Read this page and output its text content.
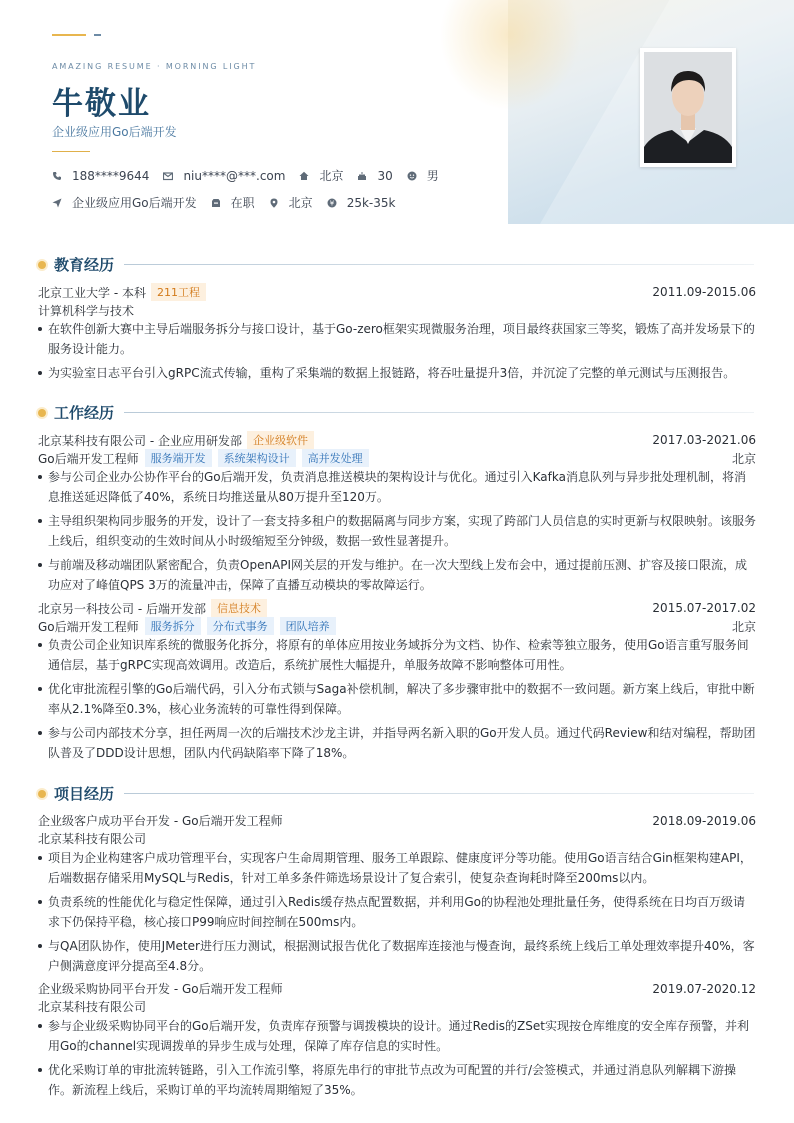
AMAZING RESUME · MORNING LIGHT
牛敬业
企业级应用Go后端开发
188****9644	niu****@***.com	北京	30	男
企业级应用Go后端开发	在职	北京 ¥ 25k-35k
教育经历
北京工业大学 - 本科	211工程	2011.09-2015.06
计算机科学与技术
在软件创新大赛中主导后端服务拆分与接口设计，基于Go-zero框架实现微服务治理，项目最终获国家三等奖，锻炼了高并发场景下的服务设计能力。
为实验室日志平台引入gRPC流式传输，重构了采集端的数据上报链路，将吞吐量提升3倍，并沉淀了完整的单元测试与压测报告。
工作经历
北京某科技有限公司 - 企业应用研发部	企业级软件	2017.03-2021.06
Go后端开发工程师	服务端开发	系统架构设计	高并发处理	北京
参与公司企业办公协作平台的Go后端开发，负责消息推送模块的架构设计与优化。通过引入Kafka消息队列与异步批处理机制，将消息推送延迟降低了40%，系统日均推送量从80万提升至120万。
主导组织架构同步服务的开发，设计了一套支持多租户的数据隔离与同步方案，实现了跨部门人员信息的实时更新与权限映射。该服务上线后，组织变动的生效时间从小时级缩短至分钟级，数据一致性显著提升。
与前端及移动端团队紧密配合，负责OpenAPI网关层的开发与维护。在一次大型线上发布会中，通过提前压测、扩容及接口限流，成功应对了峰值QPS 3万的流量冲击，保障了直播互动模块的零故障运行。
北京另一科技公司 - 后端开发部	信息技术	2015.07-2017.02
Go后端开发工程师	服务拆分	分布式事务	团队培养	北京
负责公司企业知识库系统的微服务化拆分，将原有的单体应用按业务域拆分为文档、协作、检索等独立服务，使用Go语言重写服务间通信层，基于gRPC实现高效调用。改造后，系统扩展性大幅提升，单服务故障不影响整体可用性。
优化审批流程引擎的Go后端代码，引入分布式锁与Saga补偿机制，解决了多步骤审批中的数据不一致问题。新方案上线后，审批中断率从2.1%降至0.3%，核心业务流转的可靠性得到保障。
参与公司内部技术分享，担任两周一次的后端技术沙龙主讲，并指导两名新入职的Go开发人员。通过代码Review和结对编程，帮助团队普及了DDD设计思想，团队内代码缺陷率下降了18%。
项目经历
企业级客户成功平台开发 - Go后端开发工程师	2018.09-2019.06
北京某科技有限公司
项目为企业构建客户成功管理平台，实现客户生命周期管理、服务工单跟踪、健康度评分等功能。使用Go语言结合Gin框架构建API，后端数据存储采用MySQL与Redis，针对工单多条件筛选场景设计了复合索引，使复杂查询耗时降至200ms以内。
负责系统的性能优化与稳定性保障，通过引入Redis缓存热点配置数据，并利用Go的协程池处理批量任务，使得系统在日均百万级请求下仍保持平稳，核心接口P99响应时间控制在500ms内。
与QA团队协作，使用JMeter进行压力测试，根据测试报告优化了数据库连接池与慢查询，最终系统上线后工单处理效率提升40%，客户侧满意度评分提高至4.8分。
企业级采购协同平台开发 - Go后端开发工程师	2019.07-2020.12
北京某科技有限公司
参与企业级采购协同平台的Go后端开发，负责库存预警与调拨模块的设计。通过Redis的ZSet实现按仓库维度的安全库存预警，并利用Go的channel实现调拨单的异步生成与处理，保障了库存信息的实时性。
优化采购订单的审批流转链路，引入工作流引擎，将原先串行的审批节点改为可配置的并行/会签模式，并通过消息队列解耦下游操作。新流程上线后，采购订单的平均流转周期缩短了35%。
